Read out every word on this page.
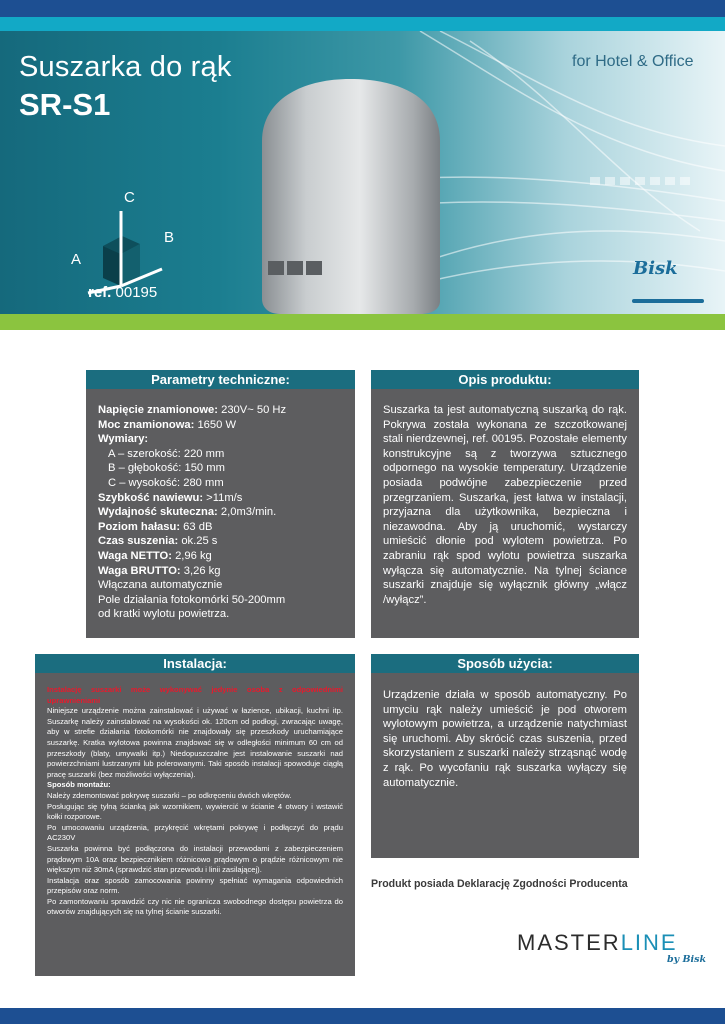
Suszarka do rąk
SR-S1
for Hotel & Office
C
B
A	Bisk
ref. 00195
Parametry techniczne:
Napięcie znamionowe: 230V~ 50 Hz
Moc znamionowa: 1650 W
Wymiary:
A – szerokość: 220 mm
B – głębokość: 150 mm
C – wysokość: 280 mm
Szybkość nawiewu: >11m/s
Wydajność skuteczna: 2,0m3/min.
Poziom hałasu: 63 dB
Czas suszenia: ok.25 s
Waga NETTO: 2,96 kg
Waga BRUTTO: 3,26 kg
Włączana automatycznie
Pole działania fotokomórki 50-200mm
od kratki wylotu powietrza.
Opis produktu:
Suszarka ta jest automatyczną suszarką do rąk. Pokrywa została wykonana ze szczotkowanej stali nierdzewnej, ref. 00195. Pozostałe elementy konstrukcyjne są z tworzywa sztucznego odpornego na wysokie temperatury. Urządzenie posiada podwójne zabezpieczenie przed przegrzaniem. Suszarka, jest łatwa w instalacji, przyjazna dla użytkownika, bezpieczna i niezawodna. Aby ją uruchomić, wystarczy umieścić dłonie pod wylotem powietrza. Po zabraniu rąk spod wylotu powietrza suszarka wyłącza się automatycznie. Na tylnej ściance suszarki znajduje się wyłącznik główny „włącz /wyłącz”.
Instalacja:
Instalację suszarki może wykonywać jedynie osoba z odpowiednimi uprawnieniami
Niniejsze urządzenie można zainstalować i używać w łazience, ubikacji, kuchni itp. Suszarkę należy zainstalować na wysokości ok. 120cm od podłogi, zwracając uwagę, aby w strefie działania fotokomórki nie znajdowały się przeszkody uruchamiające suszarkę. Kratka wylotowa powinna znajdować się w odległości minimum 60 cm od przeszkody (blaty, umywalki itp.) Niedopuszczalne jest instalowanie suszarki nad powierzchniami lustrzanymi lub polerowanymi. Taki sposób instalacji spowoduje ciągłą pracę suszarki (bez możliwości wyłączenia).
Sposób montażu:
Należy zdemontować pokrywę suszarki – po odkręceniu dwóch wkrętów.
Posługując się tylną ścianką jak wzornikiem, wywiercić w ścianie 4 otwory i wstawić kołki rozporowe.
Po umocowaniu urządzenia, przykręcić wkrętami pokrywę i podłączyć do prądu AC230V
Suszarka powinna być podłączona do instalacji przewodami z zabezpieczeniem prądowym 10A oraz bezpiecznikiem różnicowo prądowym o prądzie różnicowym nie większym niż 30mA (sprawdzić stan przewodu i linii zasilającej).
Instalacja oraz sposób zamocowania powinny spełniać wymagania odpowiednich przepisów oraz norm.
Po zamontowaniu sprawdzić czy nic nie ogranicza swobodnego dostępu powietrza do otworów znajdujących się na tylnej ścianie suszarki.
Sposób użycia:
Urządzenie działa w sposób automatyczny. Po umyciu rąk należy umieścić je pod otworem wylotowym powietrza, a urządzenie natychmiast się uruchomi. Aby skrócić czas suszenia, przed skorzystaniem z suszarki należy strząsnąć wodę z rąk. Po wycofaniu rąk suszarka wyłączy się automatycznie.
Produkt posiada Deklarację Zgodności Producenta
MASTERLINE
by Bisk
